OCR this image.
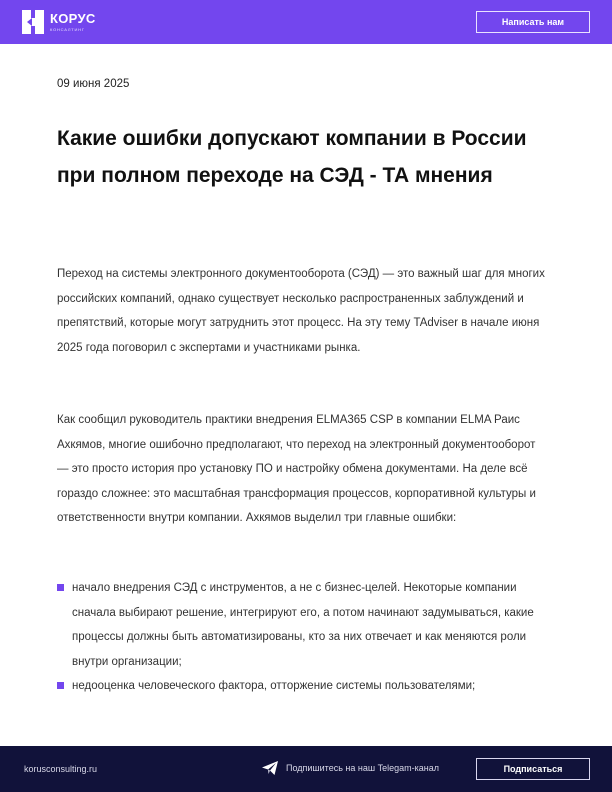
КОРУС
КОНСАЛТИНГ
Написать нам
09 июня 2025
Какие ошибки допускают компании в России при полном переходе на СЭД - ТА мнения

Переход на системы электронного документооборота (СЭД) — это важный шаг для многих российских компаний, однако существует несколько распространенных заблуждений и препятствий, которые могут затруднить этот процесс. На эту тему TAdviser в начале июня 2025 года поговорил с экспертами и участниками рынка.

Как сообщил руководитель практики внедрения ELMA365 CSP в компании ELMA Раис Ахкямов, многие ошибочно предполагают, что переход на электронный документооборот — это просто история про установку ПО и настройку обмена документами. На деле всё гораздо сложнее: это масштабная трансформация процессов, корпоративной культуры и ответственности внутри компании. Ахкямов выделил три главные ошибки:

начало внедрения СЭД с инструментов, а не с бизнес-целей. Некоторые компании сначала выбирают решение, интегрируют его, а потом начинают задумываться, какие процессы должны быть автоматизированы, кто за них отвечает и как меняются роли внутри организации;
недооценка человеческого фактора, отторжение системы пользователями;
korusconsulting.ru	Подпишитесь на наш Telegam-канал	Подписаться
